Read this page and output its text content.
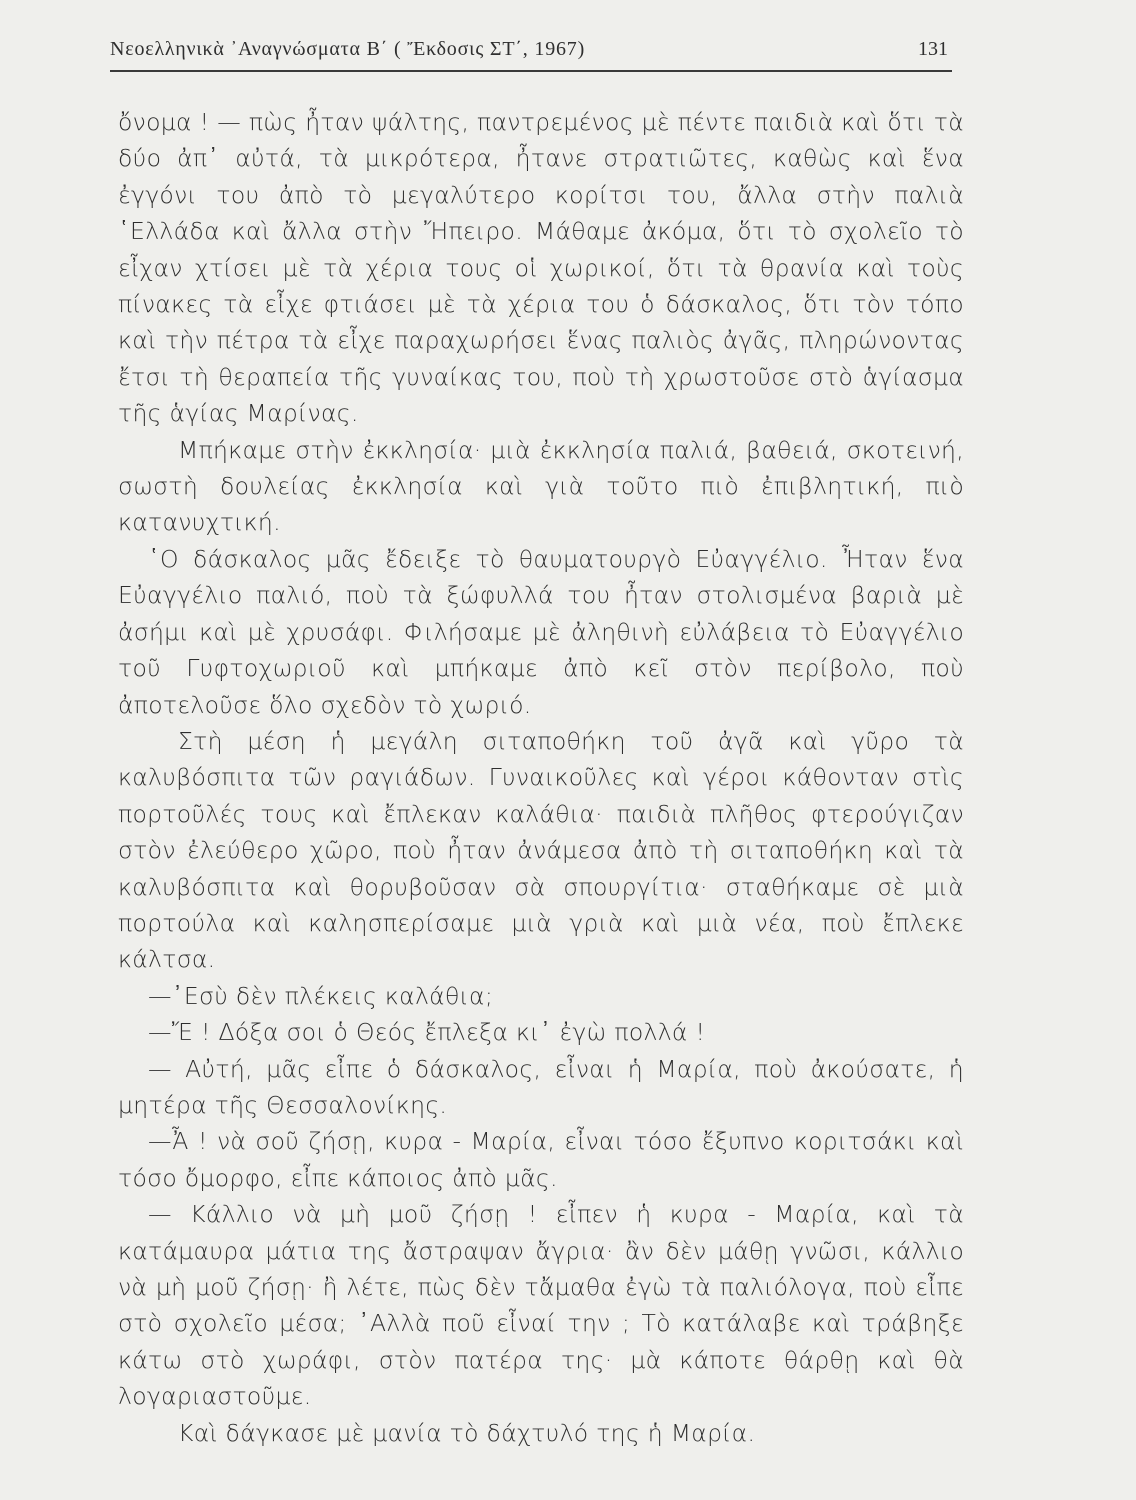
Νεοελληνικὰ ᾿Αναγνώσματα Β΄ ( Ἔκδοσις ΣΤ΄, 1967)	131

ὄνομα ! — πὼς ἦταν ψάλτης, παντρεμένος μὲ πέντε παιδιὰ καὶ ὅτι τὰ δύο ἀπ᾿ αὐτά, τὰ μικρότερα, ἦτανε στρατιῶτες, καθὼς καὶ ἕνα ἐγγόνι του ἀπὸ τὸ μεγαλύτερο κορίτσι του, ἄλλα στὴν παλιὰ ῾Ελλάδα καὶ ἄλλα στὴν Ἤπειρο. Μάθαμε ἀκόμα, ὅτι τὸ σχολεῖο τὸ εἶχαν χτίσει μὲ τὰ χέρια τους οἱ χωρικοί, ὅτι τὰ θρανία καὶ τοὺς πίνακες τὰ εἶχε φτιάσει μὲ τὰ χέρια του ὁ δάσκαλος, ὅτι τὸν τόπο καὶ τὴν πέτρα τὰ εἶχε παραχωρήσει ἕνας παλιὸς ἀγᾶς, πληρώνοντας ἔτσι τὴ θεραπεία τῆς γυναίκας του, ποὺ τὴ χρωστοῦσε στὸ ἁγίασμα τῆς ἁγίας Μαρίνας.

Μπήκαμε στὴν ἐκκλησία· μιὰ ἐκκλησία παλιά, βαθειά, σκοτεινή, σωστὴ δουλείας ἐκκλησία καὶ γιὰ τοῦτο πιὸ ἐπιβλητική, πιὸ κατανυχτική.

῾Ο δάσκαλος μᾶς ἔδειξε τὸ θαυματουργὸ Εὐαγγέλιο. Ἦταν ἕνα Εὐαγγέλιο παλιό, ποὺ τὰ ξώφυλλά του ἦταν στολισμένα βαριὰ μὲ ἀσήμι καὶ μὲ χρυσάφι. Φιλήσαμε μὲ ἀληθινὴ εὐλάβεια τὸ Εὐαγγέλιο τοῦ Γυφτοχωριοῦ καὶ μπήκαμε ἀπὸ κεῖ στὸν περίβολο, ποὺ ἀποτελοῦσε ὅλο σχεδὸν τὸ χωριό.

Στὴ μέση ἡ μεγάλη σιταποθήκη τοῦ ἀγᾶ καὶ γῦρο τὰ καλυβόσπιτα τῶν ραγιάδων. Γυναικοῦλες καὶ γέροι κάθονταν στὶς πορτοῦλές τους καὶ ἔπλεκαν καλάθια· παιδιὰ πλῆθος φτερούγιζαν στὸν ἐλεύθερο χῶρο, ποὺ ἦταν ἀνάμεσα ἀπὸ τὴ σιταποθήκη καὶ τὰ καλυβόσπιτα καὶ θορυβοῦσαν σὰ σπουργίτια· σταθήκαμε σὲ μιὰ πορτούλα καὶ καλησπερίσαμε μιὰ γριὰ καὶ μιὰ νέα, ποὺ ἔπλεκε κάλτσα.

—᾿Εσὺ δὲν πλέκεις καλάθια;

—Ἔ ! Δόξα σοι ὁ Θεός ἔπλεξα κι᾿ ἐγὼ πολλά !

— Αὐτή, μᾶς εἶπε ὁ δάσκαλος, εἶναι ἡ Μαρία, ποὺ ἀκούσατε, ἡ μητέρα τῆς Θεσσαλονίκης.

—Ἆ ! νὰ σοῦ ζήσῃ, κυρα - Μαρία, εἶναι τόσο ἔξυπνο κοριτσάκι καὶ τόσο ὄμορφο, εἶπε κάποιος ἀπὸ μᾶς.

— Κάλλιο νὰ μὴ μοῦ ζήσῃ ! εἶπεν ἡ κυρα - Μαρία, καὶ τὰ κατάμαυρα μάτια της ἄστραψαν ἄγρια· ἂν δὲν μάθῃ γνῶσι, κάλλιο νὰ μὴ μοῦ ζήσῃ· ἢ λέτε, πὼς δὲν τἄμαθα ἐγὼ τὰ παλιόλογα, ποὺ εἶπε στὸ σχολεῖο μέσα; ᾿Αλλὰ ποῦ εἶναί την ; Τὸ κατάλαβε καὶ τράβηξε κάτω στὸ χωράφι, στὸν πατέρα της· μὰ κάποτε θάρθῃ καὶ θὰ λογαριαστοῦμε.

Καὶ δάγκασε μὲ μανία τὸ δάχτυλό της ἡ Μαρία.
